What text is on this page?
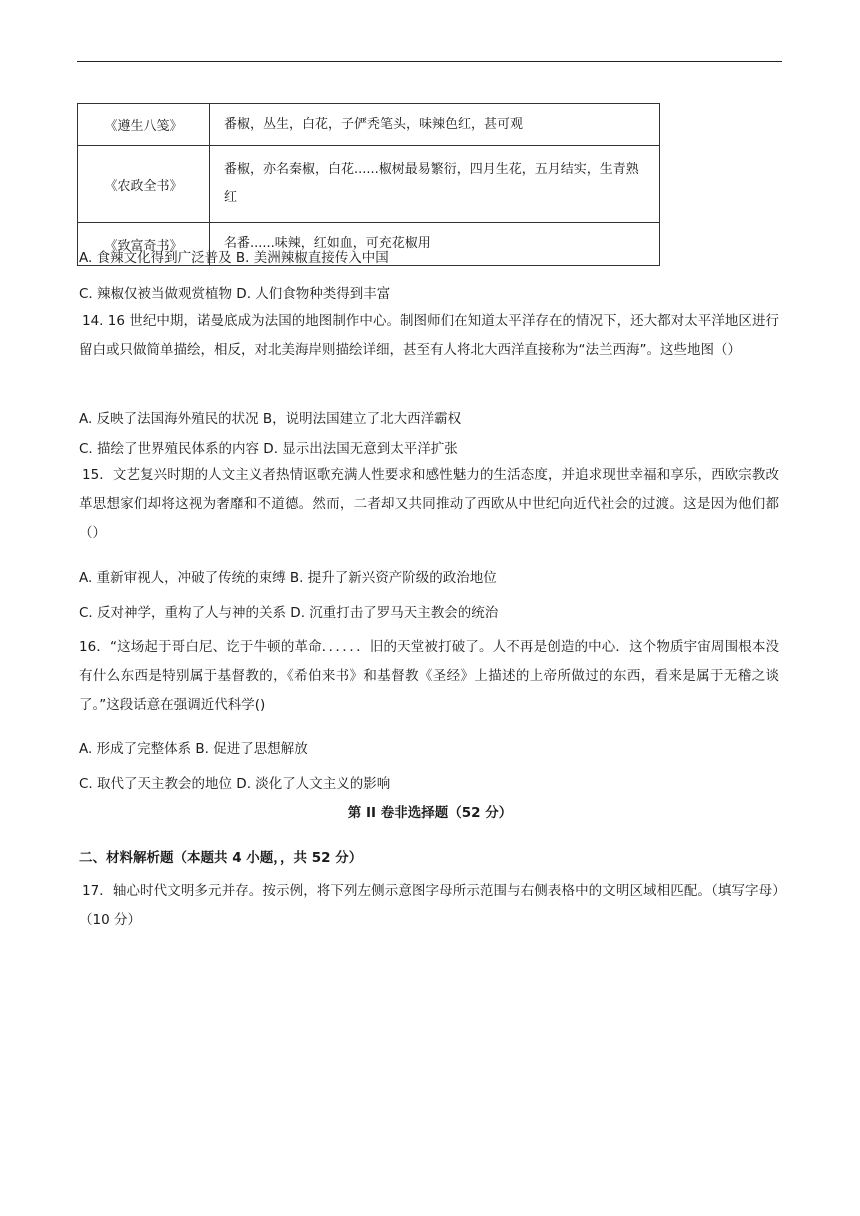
《遵生八笺》	番椒，丛生，白花，子俨秃笔头，味辣色红，甚可观
《农政全书》	番椒，亦名秦椒，白花......椒树最易繁衍，四月生花，五月结实，生青熟红
《致富奇书》	名番......味辣，红如血，可充花椒用
A. 食辣文化得到广泛普及 B. 美洲辣椒直接传入中国
C. 辣椒仅被当做观赏植物 D. 人们食物种类得到丰富
14. 16 世纪中期，诺曼底成为法国的地图制作中心。制图师们在知道太平洋存在的情况下，还大都对太平洋地区进行留白或只做简单描绘，相反，对北美海岸则描绘详细，甚至有人将北大西洋直接称为“法兰西海”。这些地图（）
A. 反映了法国海外殖民的状况 B，说明法国建立了北大西洋霸权
C. 描绘了世界殖民体系的内容 D. 显示出法国无意到太平洋扩张
15．文艺复兴时期的人文主义者热情讴歌充满人性要求和感性魅力的生活态度，并追求现世幸福和享乐，西欧宗教改革思想家们却将这视为奢靡和不道德。然而，二者却又共同推动了西欧从中世纪向近代社会的过渡。这是因为他们都（）
A. 重新审视人，冲破了传统的束缚 B. 提升了新兴资产阶级的政治地位
C. 反对神学，重构了人与神的关系 D. 沉重打击了罗马天主教会的统治
16．“这场起于哥白尼、讫于牛顿的革命．．．．．．旧的天堂被打破了。人不再是创造的中心．这个物质宇宙周围根本没有什么东西是特别属于基督教的，《希伯来书》和基督教《圣经》上描述的上帝所做过的东西，看来是属于无稽之谈了。”这段话意在强调近代科学()
A. 形成了完整体系 B. 促进了思想解放
C. 取代了天主教会的地位 D. 淡化了人文主义的影响
第 II 卷非选择题（52 分）
二、材料解析题（本题共 4 小题，，共 52 分）
17．轴心时代文明多元并存。按示例，将下列左侧示意图字母所示范围与右侧表格中的文明区域相匹配。（填写字母）（10 分）
